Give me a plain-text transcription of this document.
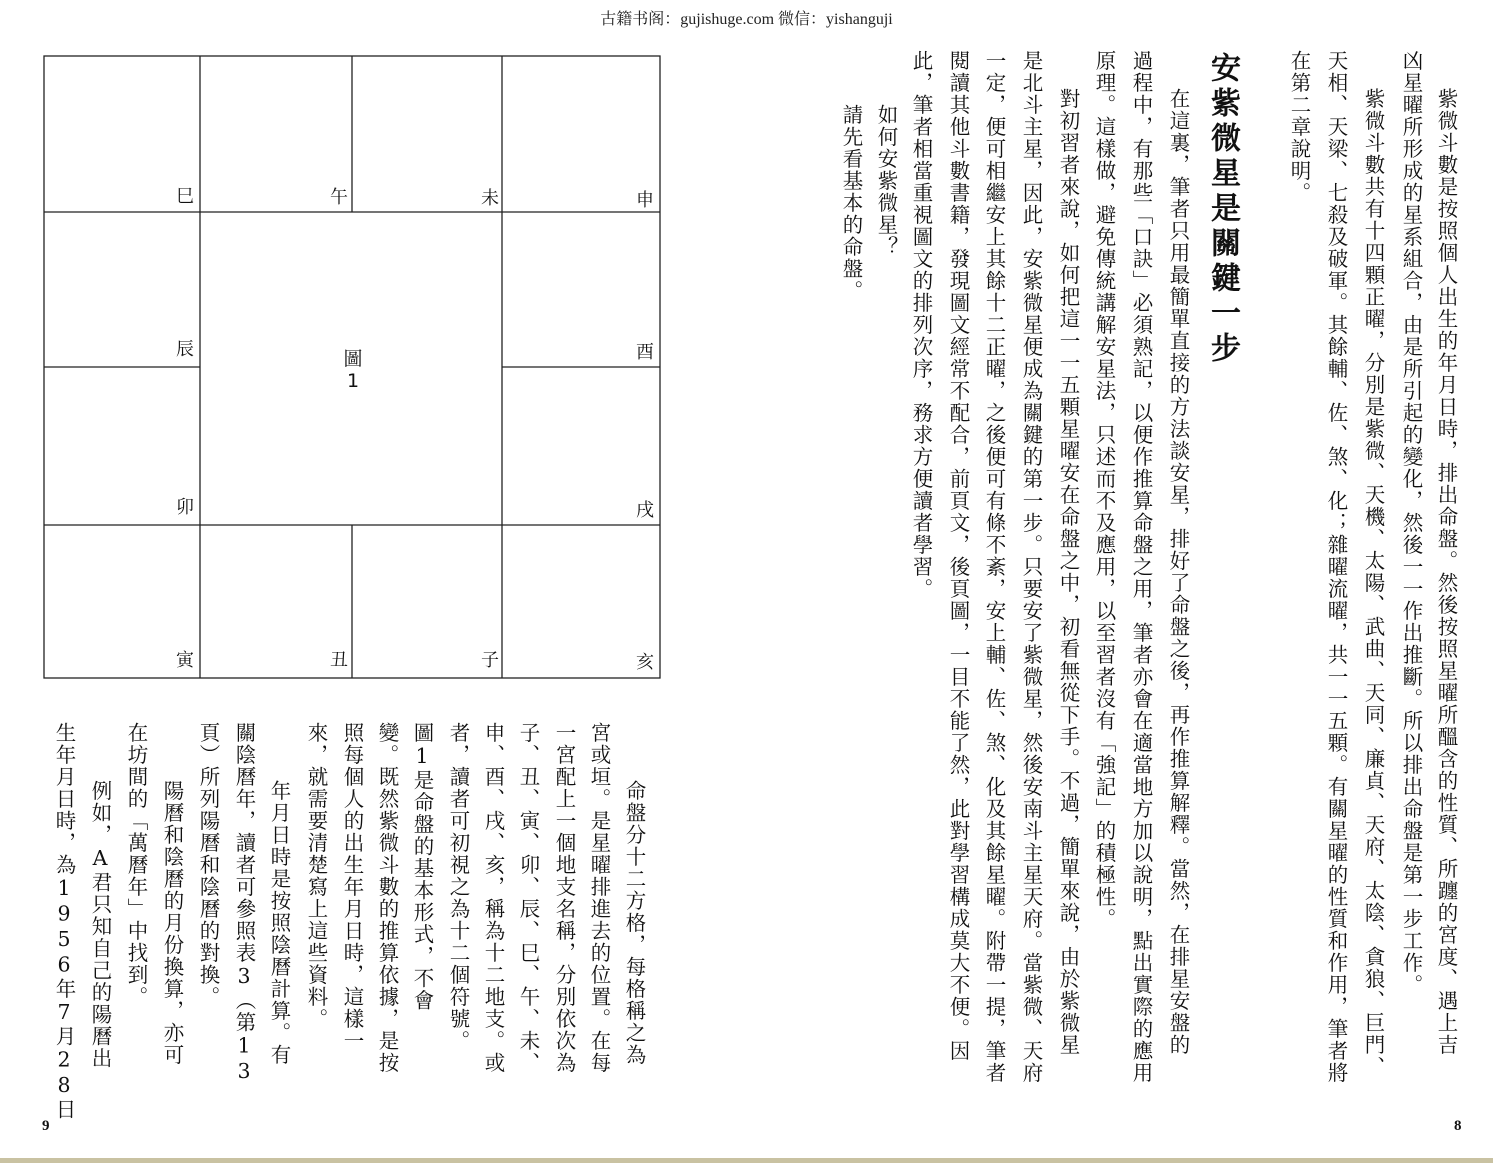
古籍书阁：gujishuge.com 微信：yishanguji
紫微斗數是按照個人出生的年月日時，排出命盤。然後按照星曜所醞含的性質、所躔的宮度、遇上吉
凶星曜所形成的星系組合，由是所引起的變化，然後一一作出推斷。所以排出命盤是第一步工作。
紫微斗數共有十四顆正曜，分別是紫微、天機、太陽、武曲、天同、廉貞、天府、太陰、貪狼、巨門、
天相、天梁、七殺及破軍。其餘輔、佐、煞、化；雜曜流曜，共一一五顆。有關星曜的性質和作用，筆者將
在第二章說明。
安紫微星是關鍵一步
在這裏，筆者只用最簡單直接的方法談安星，排好了命盤之後，再作推算解釋。當然，在排星安盤的
過程中，有那些「口訣」必須熟記，以便作推算命盤之用，筆者亦會在適當地方加以說明，點出實際的應用
原理。這樣做，避免傳統講解安星法，只述而不及應用，以至習者沒有「強記」的積極性。
對初習者來說，如何把這一一五顆星曜安在命盤之中，初看無從下手。不過，簡單來說，由於紫微星
是北斗主星，因此，安紫微星便成為關鍵的第一步。只要安了紫微星，然後安南斗主星天府。當紫微、天府
一定，便可相繼安上其餘十二正曜，之後便可有條不紊，安上輔、佐、煞、化及其餘星曜。附帶一提，筆者
閱讀其他斗數書籍，發現圖文經常不配合，前頁文，後頁圖，一目不能了然，此對學習構成莫大不便。因
此，筆者相當重視圖文的排列次序，務求方便讀者學習。
如何安紫微星？
請先看基本的命盤。
8
圖
1
巳	午	未	申
辰	酉
卯	戌
寅	丑	子	亥
命盤分十二方格，每格稱之為
宮或垣。是星曜排進去的位置。在每
一宮配上一個地支名稱，分別依次為
子、丑、寅、卯、辰、巳、午、未、
申、酉、戌、亥，稱為十二地支。或
者，讀者可初視之為十二個符號。
圖1是命盤的基本形式，不會
變。既然紫微斗數的推算依據，是按
照每個人的出生年月日時，這樣一
來，就需要清楚寫上這些資料。
年月日時是按照陰曆計算。有
關陰曆年，讀者可參照表3（第13
頁）所列陽曆和陰曆的對換。
陽曆和陰曆的月份換算，亦可
在坊間的「萬曆年」中找到。
例如，A君只知自己的陽曆出
生年月日時，為1956年7月28日
9
